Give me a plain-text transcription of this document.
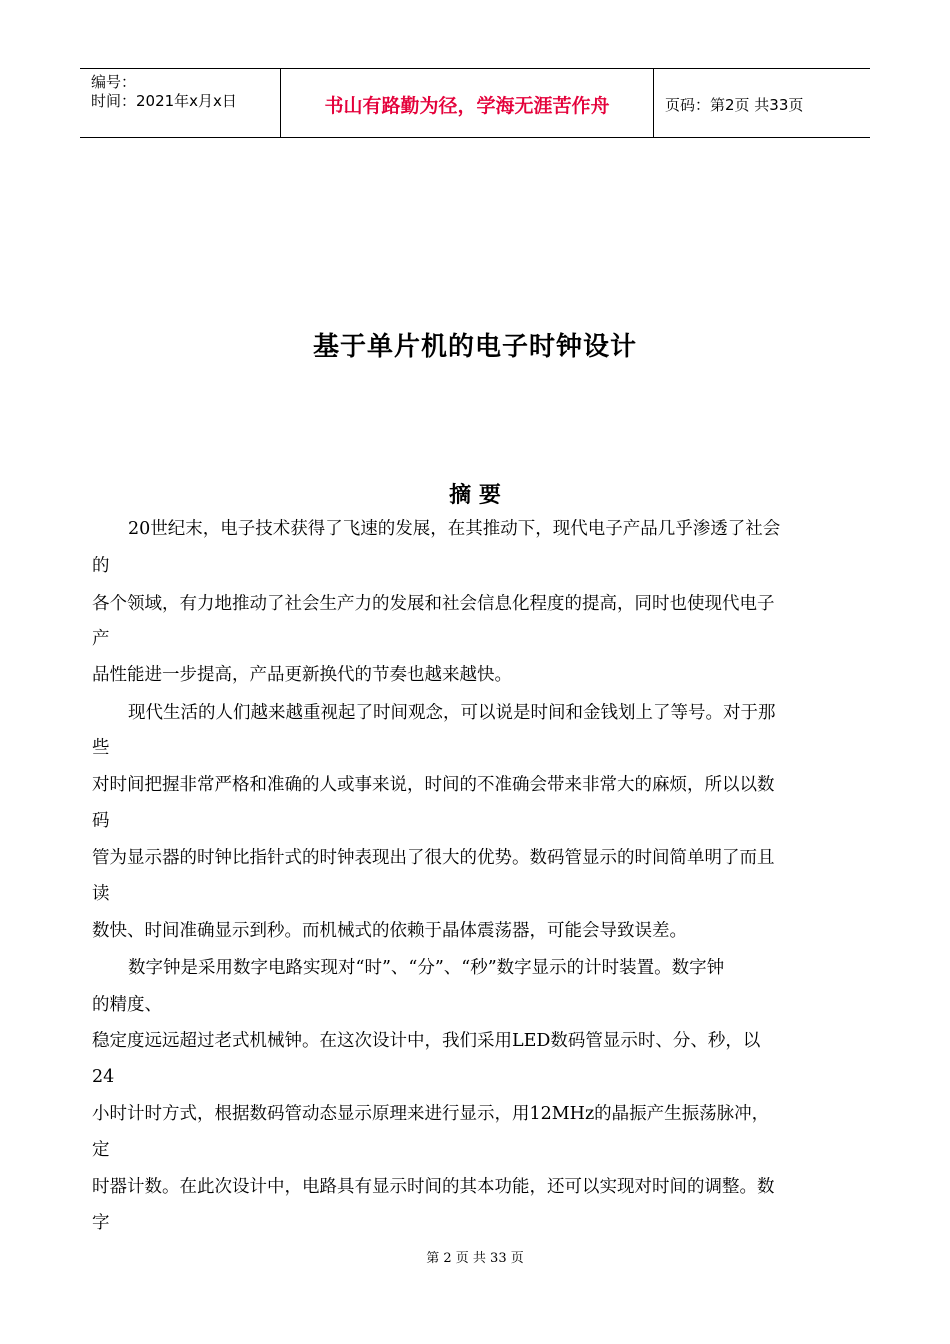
编号：
时间：2021年x月x日	书山有路勤为径，学海无涯苦作舟	页码：第2页 共33页
基于单片机的电子时钟设计
摘 要
20世纪末，电子技术获得了飞速的发展，在其推动下，现代电子产品几乎渗透了社会
的
各个领域，有力地推动了社会生产力的发展和社会信息化程度的提高，同时也使现代电子
产
品性能进一步提高，产品更新换代的节奏也越来越快。
现代生活的人们越来越重视起了时间观念，可以说是时间和金钱划上了等号。对于那
些
对时间把握非常严格和准确的人或事来说，时间的不准确会带来非常大的麻烦，所以以数
码
管为显示器的时钟比指针式的时钟表现出了很大的优势。数码管显示的时间简单明了而且
读
数快、时间准确显示到秒。而机械式的依赖于晶体震荡器，可能会导致误差。
数字钟是采用数字电路实现对“时”、“分”、“秒”数字显示的计时装置。数字钟
的精度、
稳定度远远超过老式机械钟。在这次设计中，我们采用LED数码管显示时、分、秒，以
24
小时计时方式，根据数码管动态显示原理来进行显示，用12MHz的晶振产生振荡脉冲，
定
时器计数。在此次设计中，电路具有显示时间的其本功能，还可以实现对时间的调整。数
字
第 2 页 共 33 页
